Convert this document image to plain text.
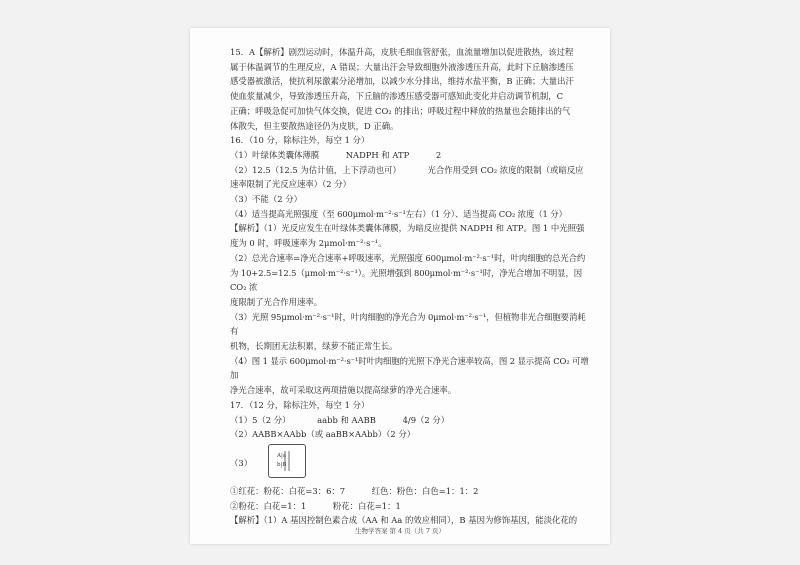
15．A【解析】剧烈运动时，体温升高，皮肤毛细血管舒张，血流量增加以促进散热，该过程

属于体温调节的生理反应，A 错误；大量出汗会导致细胞外液渗透压升高，此时下丘脑渗透压

感受器被激活，使抗利尿激素分泌增加，以减少水分排出，维持水盐平衡，B 正确；大量出汗

使血浆量减少，导致渗透压升高，下丘脑的渗透压感受器可感知此变化并启动调节机制，C

正确；呼吸急促可加快气体交换，促进 CO₂ 的排出；呼吸过程中释放的热量也会随排出的气

体散失，但主要散热途径仍为皮肤，D 正确。

16．（10 分，除标注外，每空 1 分）

（1）叶绿体类囊体薄膜          NADPH 和 ATP          2

（2）12.5（12.5 为估计值，上下浮动也可）          光合作用受到 CO₂ 浓度的限制（或暗反应

速率限制了光反应速率）（2 分）

（3）不能（2 分）

（4）适当提高光照强度（至 600μmol·m⁻²·s⁻¹左右）（1 分）、适当提高 CO₂ 浓度（1 分）

【解析】（1）光反应发生在叶绿体类囊体薄膜，为暗反应提供 NADPH 和 ATP。图 1 中光照强

度为 0 时，呼吸速率为 2μmol·m⁻²·s⁻¹。

（2）总光合速率=净光合速率+呼吸速率，光照强度 600μmol·m⁻²·s⁻¹时，叶肉细胞的总光合约

为 10+2.5=12.5（μmol·m⁻²·s⁻¹）。光照增强到 800μmol·m⁻²·s⁻¹时，净光合增加不明显，因 CO₂ 浓

度限制了光合作用速率。

（3）光照 95μmol·m⁻²·s⁻¹时，叶肉细胞的净光合为 0μmol·m⁻²·s⁻¹，但植物非光合细胞要消耗有

机物，长期团无法积累，绿萝不能正常生长。

（4）图 1 显示 600μmol·m⁻²·s⁻¹时叶肉细胞的光照下净光合速率较高，图 2 显示提高 CO₂ 可增加

净光合速率，故可采取这两项措施以提高绿萝的净光合速率。

17．（12 分，除标注外，每空 1 分）

（1）5（2 分）          aabb 和 AABB          4/9（2 分）

（2）AABB×AAbb（或 aaBB×AAbb）（2 分）

（3）
A|a
b|B

①红花：粉花：白花=3：6：7          红色：粉色：白色=1：1：2

②粉花：白花=1：1          粉花：白花=1：1

【解析】（1）A 基因控制色素合成（AA 和 Aa 的效应相同），B 基因为修饰基因，能淡化花的

生物学答案 第 4 页（共 7 页）
